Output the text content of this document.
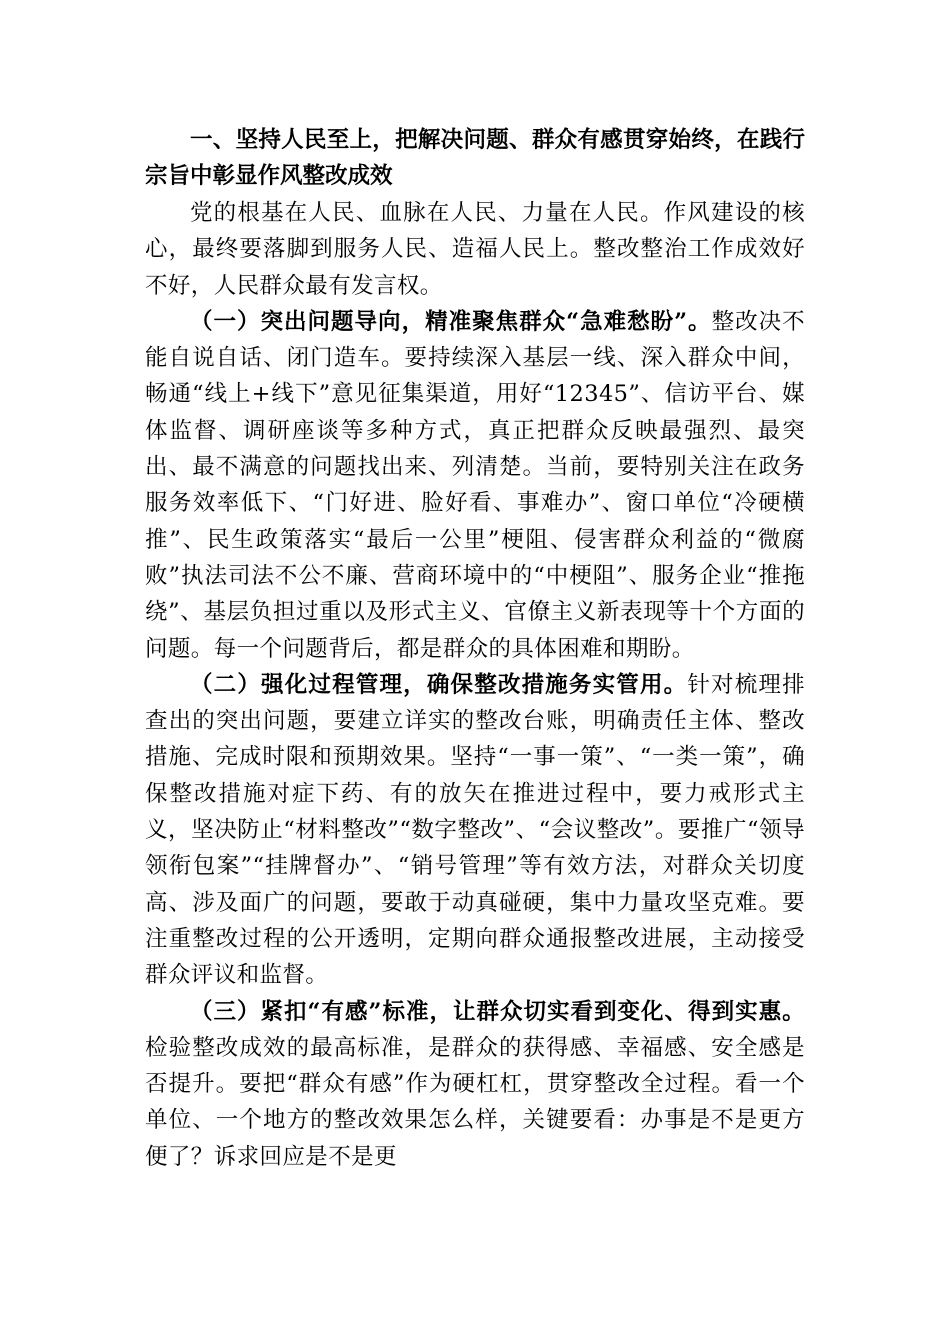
一、坚持人民至上，把解决问题、群众有感贯穿始终，在践行宗旨中彰显作风整改成效

党的根基在人民、血脉在人民、力量在人民。作风建设的核心，最终要落脚到服务人民、造福人民上。整改整治工作成效好不好，人民群众最有发言权。

（一）突出问题导向，精准聚焦群众“急难愁盼”。整改决不能自说自话、闭门造车。要持续深入基层一线、深入群众中间，畅通“线上+线下”意见征集渠道，用好“12345”、信访平台、媒体监督、调研座谈等多种方式，真正把群众反映最强烈、最突出、最不满意的问题找出来、列清楚。当前，要特别关注在政务服务效率低下、“门好进、脸好看、事难办”、窗口单位“冷硬横推”、民生政策落实“最后一公里”梗阻、侵害群众利益的“微腐败”执法司法不公不廉、营商环境中的“中梗阻”、服务企业“推拖绕”、基层负担过重以及形式主义、官僚主义新表现等十个方面的问题。每一个问题背后，都是群众的具体困难和期盼。

（二）强化过程管理，确保整改措施务实管用。针对梳理排查出的突出问题，要建立详实的整改台账，明确责任主体、整改措施、完成时限和预期效果。坚持“一事一策”、“一类一策”，确保整改措施对症下药、有的放矢在推进过程中，要力戒形式主义，坚决防止“材料整改”“数字整改”、“会议整改”。要推广“领导领衔包案”“挂牌督办”、“销号管理”等有效方法，对群众关切度高、涉及面广的问题，要敢于动真碰硬，集中力量攻坚克难。要注重整改过程的公开透明，定期向群众通报整改进展，主动接受群众评议和监督。

（三）紧扣“有感”标准，让群众切实看到变化、得到实惠。检验整改成效的最高标准，是群众的获得感、幸福感、安全感是否提升。要把“群众有感”作为硬杠杠，贯穿整改全过程。看一个单位、一个地方的整改效果怎么样，关键要看：办事是不是更方便了？诉求回应是不是更
